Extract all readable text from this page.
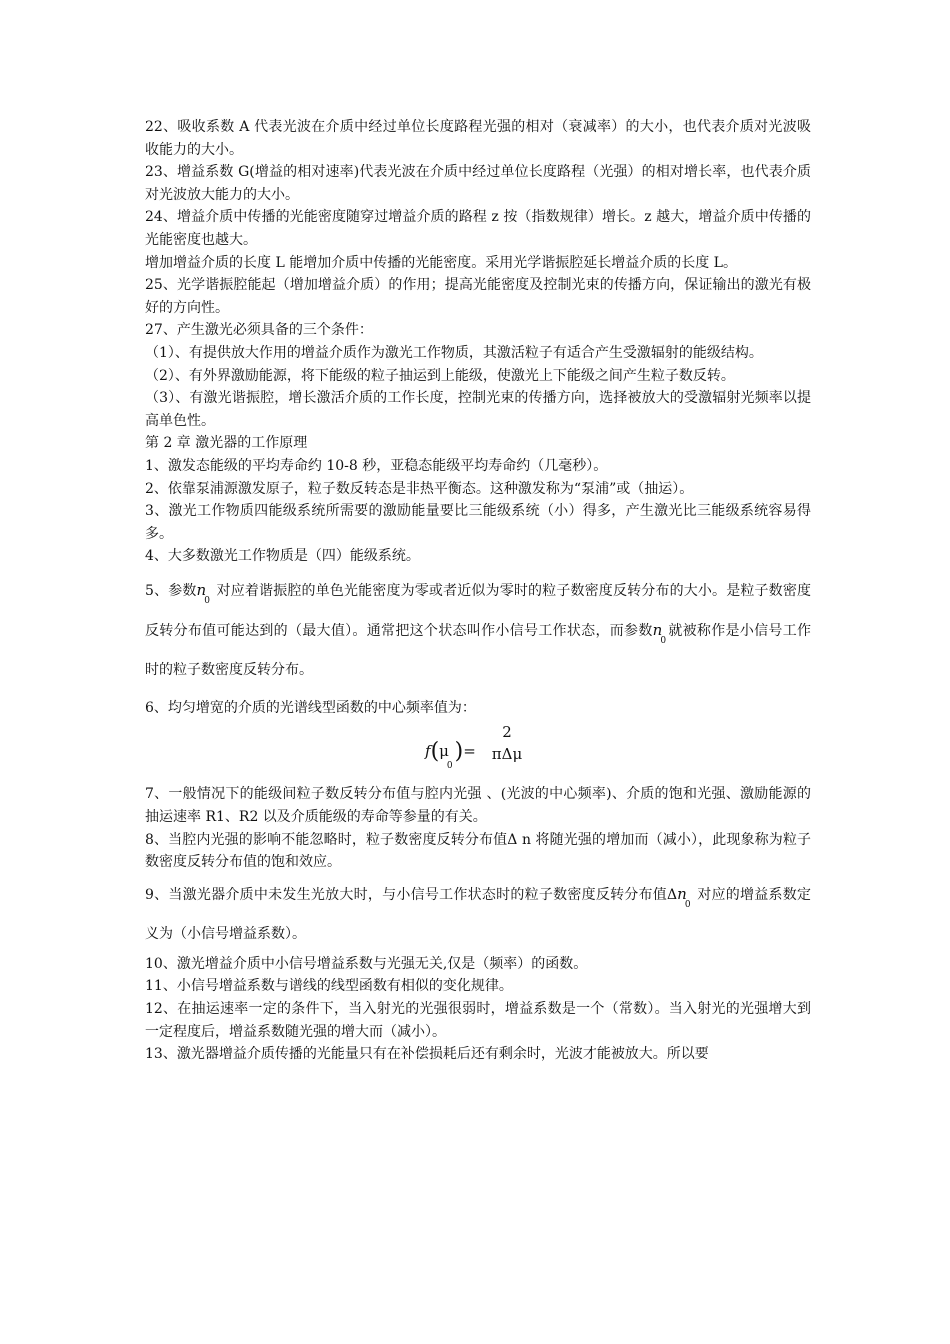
22、吸收系数 A 代表光波在介质中经过单位长度路程光强的相对（衰减率）的大小，也代表介质对光波吸收能力的大小。

23、增益系数 G(增益的相对速率)代表光波在介质中经过单位长度路程（光强）的相对增长率，也代表介质对光波放大能力的大小。

24、增益介质中传播的光能密度随穿过增益介质的路程 z 按（指数规律）增长。z 越大，增益介质中传播的光能密度也越大。

增加增益介质的长度 L 能增加介质中传播的光能密度。采用光学谐振腔延长增益介质的长度 L。

25、光学谐振腔能起（增加增益介质）的作用；提高光能密度及控制光束的传播方向，保证输出的激光有极好的方向性。

27、产生激光必须具备的三个条件：

（1）、有提供放大作用的增益介质作为激光工作物质，其激活粒子有适合产生受激辐射的能级结构。

（2）、有外界激励能源，将下能级的粒子抽运到上能级，使激光上下能级之间产生粒子数反转。

（3）、有激光谐振腔，增长激活介质的工作长度，控制光束的传播方向，选择被放大的受激辐射光频率以提高单色性。

第 2 章 激光器的工作原理

1、激发态能级的平均寿命约 10-8 秒，亚稳态能级平均寿命约（几毫秒）。

2、依靠泵浦源激发原子，粒子数反转态是非热平衡态。这种激发称为“泵浦”或（抽运）。

3、激光工作物质四能级系统所需要的激励能量要比三能级系统（小）得多，产生激光比三能级系统容易得多。

4、大多数激光工作物质是（四）能级系统。

5、参数$n_0$ 对应着谐振腔的单色光能密度为零或者近似为零时的粒子数密度反转分布的大小。是粒子数密度反转分布值可能达到的（最大值）。通常把这个状态叫作小信号工作状态，而参数$n_0$就被称作是小信号工作时的粒子数密度反转分布。

6、均匀增宽的介质的光谱线型函数的中心频率值为：

$f(\mu_0)=$
2
πΔμ

7、一般情况下的能级间粒子数反转分布值与腔内光强 、(光波的中心频率)、介质的饱和光强、激励能源的抽运速率 R1、R2 以及介质能级的寿命等参量的有关。

8、当腔内光强的影响不能忽略时，粒子数密度反转分布值Δ n 将随光强的增加而（减小），此现象称为粒子数密度反转分布值的饱和效应。

9、当激光器介质中未发生光放大时，与小信号工作状态时的粒子数密度反转分布值$\Delta n_0$ 对应的增益系数定义为（小信号增益系数）。

10、激光增益介质中小信号增益系数与光强无关,仅是（频率）的函数。

11、小信号增益系数与谱线的线型函数有相似的变化规律。

12、在抽运速率一定的条件下，当入射光的光强很弱时，增益系数是一个（常数）。当入射光的光强增大到一定程度后，增益系数随光强的增大而（减小）。

13、激光器增益介质传播的光能量只有在补偿损耗后还有剩余时，光波才能被放大。所以要
